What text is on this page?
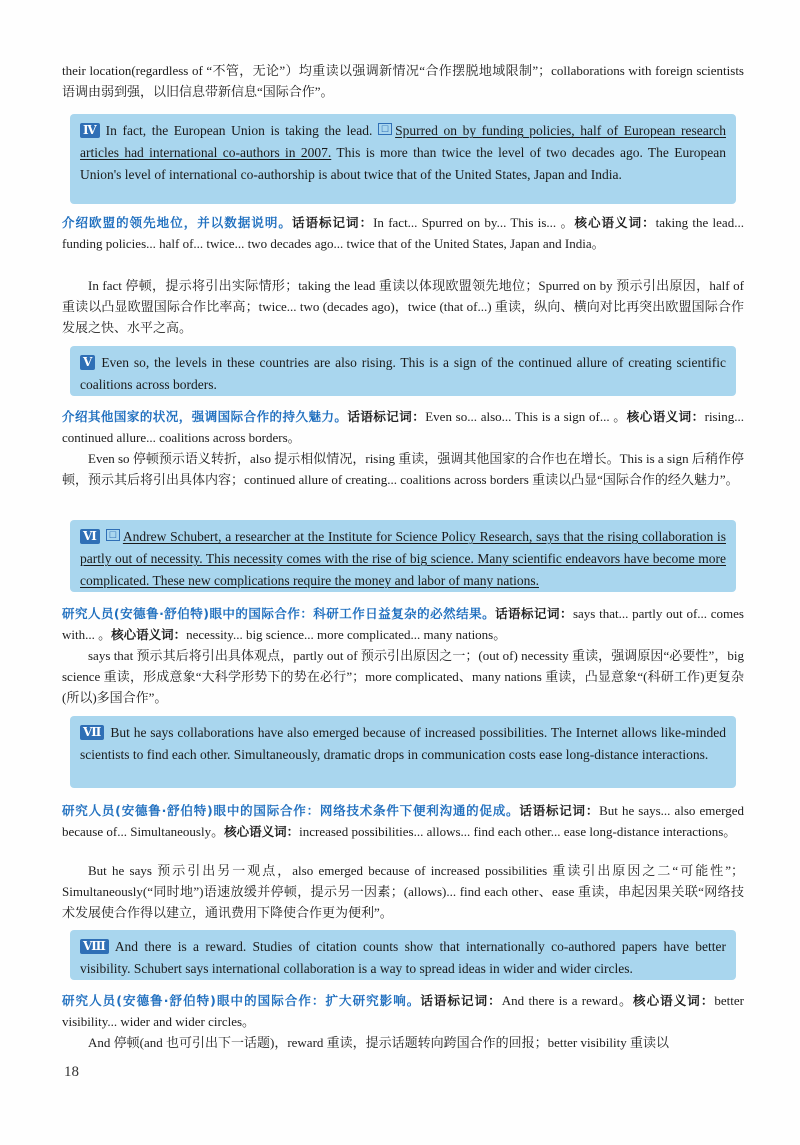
their location(regardless of “不管，无论”）均重读以强调新情况“合作摆脱地域限制”；collaborations with foreign scientists 语调由弱到强，以旧信息带新信息“国际合作”。

Ⅳ In fact, the European Union is taking the lead. ☐ Spurred on by funding policies, half of European research articles had international co-authors in 2007. This is more than twice the level of two decades ago. The European Union's level of international co-authorship is about twice that of the United States, Japan and India.

介绍欧盟的领先地位，并以数据说明。话语标记词：In fact... Spurred on by... This is... 。核心语义词：taking the lead... funding policies... half of... twice... two decades ago... twice that of the United States, Japan and India。

In fact 停顿，提示将引出实际情形；taking the lead 重读以体现欧盟领先地位；Spurred on by 预示引出原因，half of 重读以凸显欧盟国际合作比率高；twice... two (decades ago)，twice (that of...) 重读，纵向、横向对比再突出欧盟国际合作发展之快、水平之高。

Ⅴ Even so, the levels in these countries are also rising. This is a sign of the continued allure of creating scientific coalitions across borders.

介绍其他国家的状况，强调国际合作的持久魅力。话语标记词：Even so... also... This is a sign of... 。核心语义词：rising... continued allure... coalitions across borders。

Even so 停顿预示语义转折，also 提示相似情况，rising 重读，强调其他国家的合作也在增长。This is a sign 后稍作停顿，预示其后将引出具体内容；continued allure of creating... coalitions across borders 重读以凸显“国际合作的经久魅力”。

Ⅵ ☐ Andrew Schubert, a researcher at the Institute for Science Policy Research, says that the rising collaboration is partly out of necessity. This necessity comes with the rise of big science. Many scientific endeavors have become more complicated. These new complications require the money and labor of many nations.

研究人员(安德鲁·舒伯特)眼中的国际合作：科研工作日益复杂的必然结果。话语标记词：says that... partly out of... comes with... 。核心语义词：necessity... big science... more complicated... many nations。

says that 预示其后将引出具体观点，partly out of 预示引出原因之一；(out of) necessity 重读，强调原因“必要性”，big science 重读，形成意象“大科学形势下的势在必行”；more complicated、many nations 重读，凸显意象“(科研工作)更复杂(所以)多国合作”。

Ⅶ But he says collaborations have also emerged because of increased possibilities. The Internet allows like-minded scientists to find each other. Simultaneously, dramatic drops in communication costs ease long-distance interactions.

研究人员(安德鲁·舒伯特)眼中的国际合作：网络技术条件下便利沟通的促成。话语标记词：But he says... also emerged because of... Simultaneously。核心语义词：increased possibilities... allows... find each other... ease long-distance interactions。

But he says 预示引出另一观点，also emerged because of increased possibilities 重读引出原因之二“可能性”；Simultaneously(“同时地”)语速放缓并停顿，提示另一因素；(allows)... find each other、ease 重读，串起因果关联“网络技术发展使合作得以建立，通讯费用下降使合作更为便利”。

Ⅷ And there is a reward. Studies of citation counts show that internationally co-authored papers have better visibility. Schubert says international collaboration is a way to spread ideas in wider and wider circles.

研究人员(安德鲁·舒伯特)眼中的国际合作：扩大研究影响。话语标记词：And there is a reward。核心语义词：better visibility... wider and wider circles。

And 停顿(and 也可引出下一话题)，reward 重读，提示话题转向跨国合作的回报；better visibility 重读以

18
